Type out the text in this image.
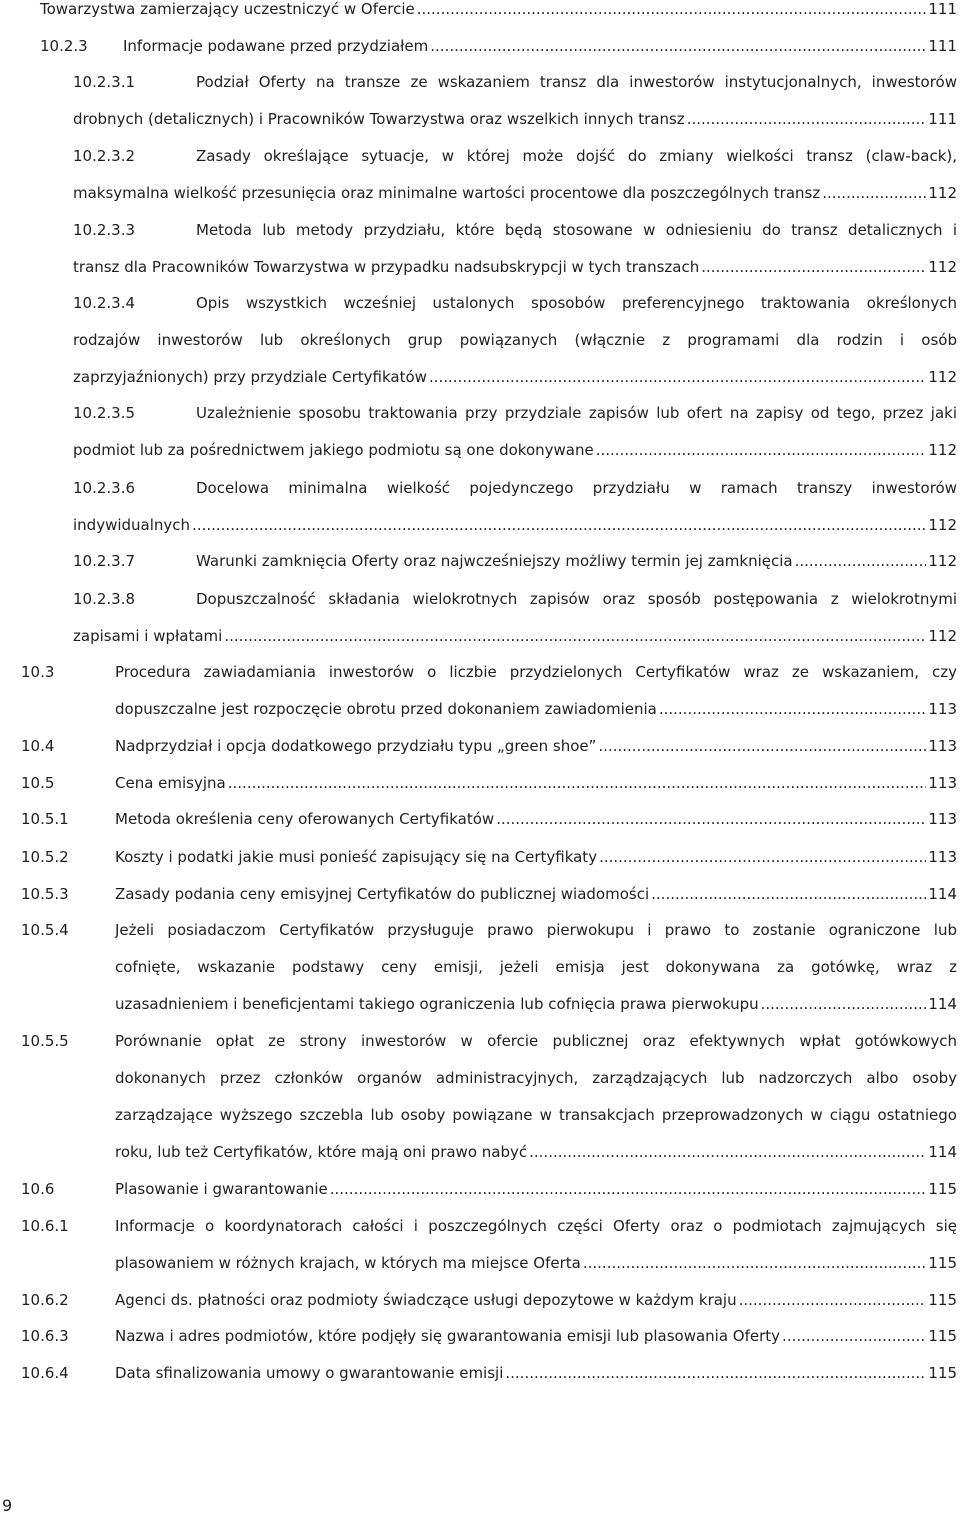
Towarzystwa zamierzający uczestniczyć w Ofercie .....	111
10.2.3 Informacje podawane przed przydziałem .....	111
10.2.3.1	Podział Oferty na transze ze wskazaniem transz dla inwestorów instytucjonalnych, inwestorów
drobnych (detalicznych) i Pracowników Towarzystwa oraz wszelkich innych transz .....	111
10.2.3.2	Zasady określające sytuacje, w której może dojść do zmiany wielkości transz (claw-back),
maksymalna wielkość przesunięcia oraz minimalne wartości procentowe dla poszczególnych transz .....	112
10.2.3.3	Metoda lub metody przydziału, które będą stosowane w odniesieniu do transz detalicznych i
transz dla Pracowników Towarzystwa w przypadku nadsubskrypcji w tych transzach .....	112
10.2.3.4	Opis wszystkich wcześniej ustalonych sposobów preferencyjnego traktowania określonych
rodzajów inwestorów lub określonych grup powiązanych (włącznie z programami dla rodzin i osób
zaprzyjaźnionych) przy przydziale Certyfikatów .....	112
10.2.3.5	Uzależnienie sposobu traktowania przy przydziale zapisów lub ofert na zapisy od tego, przez jaki
podmiot lub za pośrednictwem jakiego podmiotu są one dokonywane .....	112
10.2.3.6	Docelowa minimalna wielkość pojedynczego przydziału w ramach transzy inwestorów
indywidualnych .....	112
10.2.3.7	Warunki zamknięcia Oferty oraz najwcześniejszy możliwy termin jej zamknięcia .....	112
10.2.3.8	Dopuszczalność składania wielokrotnych zapisów oraz sposób postępowania z wielokrotnymi
zapisami i wpłatami .....	112
10.3	Procedura zawiadamiania inwestorów o liczbie przydzielonych Certyfikatów wraz ze wskazaniem, czy
dopuszczalne jest rozpoczęcie obrotu przed dokonaniem zawiadomienia .....	113
10.4	Nadprzydział i opcja dodatkowego przydziału typu „green shoe” .....	113
10.5	Cena emisyjna .....	113
10.5.1	Metoda określenia ceny oferowanych Certyfikatów .....	113
10.5.2	Koszty i podatki jakie musi ponieść zapisujący się na Certyfikaty .....	113
10.5.3	Zasady podania ceny emisyjnej Certyfikatów do publicznej wiadomości .....	114
10.5.4	Jeżeli posiadaczom Certyfikatów przysługuje prawo pierwokupu i prawo to zostanie ograniczone lub
cofnięte, wskazanie podstawy ceny emisji, jeżeli emisja jest dokonywana za gotówkę, wraz z
uzasadnieniem i beneficjentami takiego ograniczenia lub cofnięcia prawa pierwokupu .....	114
10.5.5	Porównanie opłat ze strony inwestorów w ofercie publicznej oraz efektywnych wpłat gotówkowych
dokonanych przez członków organów administracyjnych, zarządzających lub nadzorczych albo osoby
zarządzające wyższego szczebla lub osoby powiązane w transakcjach przeprowadzonych w ciągu ostatniego
roku, lub też Certyfikatów, które mają oni prawo nabyć .....	114
10.6	Plasowanie i gwarantowanie .....	115
10.6.1	Informacje o koordynatorach całości i poszczególnych części Oferty oraz o podmiotach zajmujących się
plasowaniem w różnych krajach, w których ma miejsce Oferta .....	115
10.6.2	Agenci ds. płatności oraz podmioty świadczące usługi depozytowe w każdym kraju .....	115
10.6.3	Nazwa i adres podmiotów, które podjęły się gwarantowania emisji lub plasowania Oferty .....	115
10.6.4	Data sfinalizowania umowy o gwarantowanie emisji .....	115
9
